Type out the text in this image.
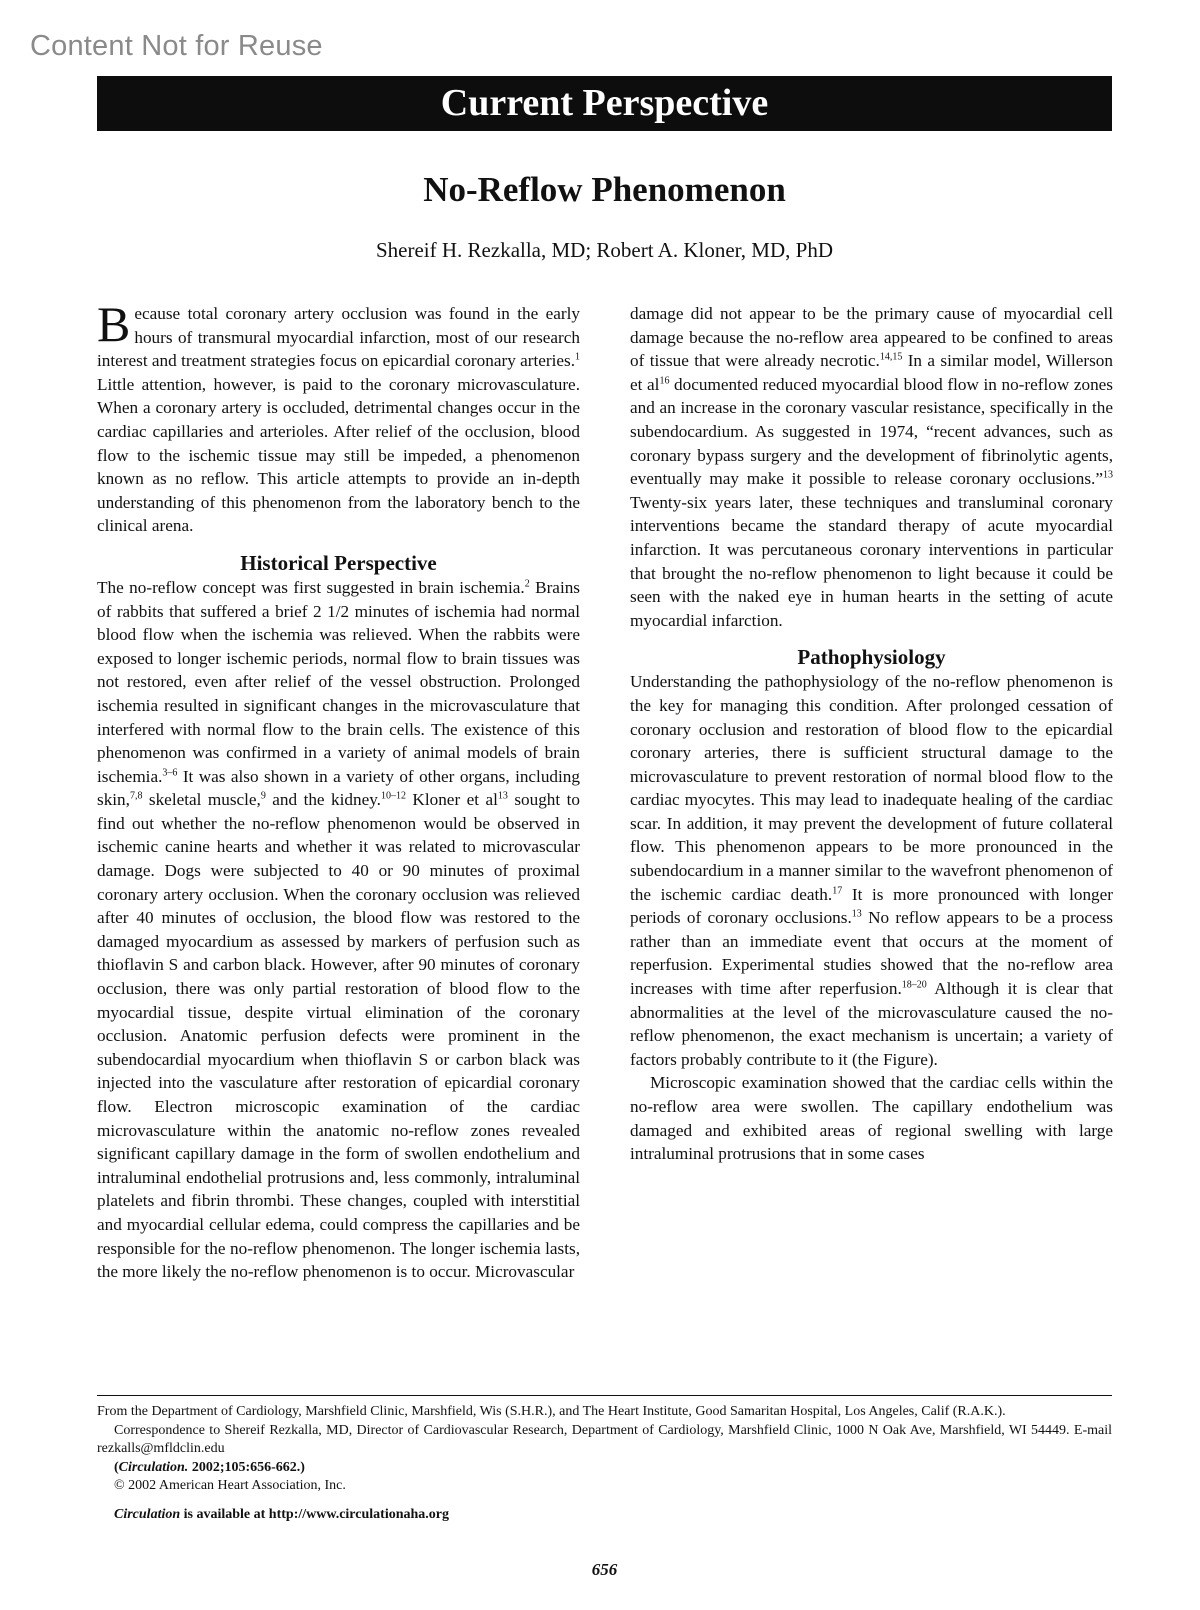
Content Not for Reuse
Current Perspective
No-Reflow Phenomenon
Shereif H. Rezkalla, MD; Robert A. Kloner, MD, PhD

Because total coronary artery occlusion was found in the early hours of transmural myocardial infarction, most of our research interest and treatment strategies focus on epicardial coronary arteries.$^1$ Little attention, however, is paid to the coronary microvasculature. When a coronary artery is occluded, detrimental changes occur in the cardiac capillaries and arterioles. After relief of the occlusion, blood flow to the ischemic tissue may still be impeded, a phenomenon known as no reflow. This article attempts to provide an in-depth understanding of this phenomenon from the laboratory bench to the clinical arena.

Historical Perspective

The no-reflow concept was first suggested in brain ischemia.$^2$ Brains of rabbits that suffered a brief 2 1/2 minutes of ischemia had normal blood flow when the ischemia was relieved. When the rabbits were exposed to longer ischemic periods, normal flow to brain tissues was not restored, even after relief of the vessel obstruction. Prolonged ischemia resulted in significant changes in the microvasculature that interfered with normal flow to the brain cells. The existence of this phenomenon was confirmed in a variety of animal models of brain ischemia.$^{3-6}$ It was also shown in a variety of other organs, including skin,$^{7,8}$ skeletal muscle,$^9$ and the kidney.$^{10-12}$ Kloner et $al^{13}$ sought to find out whether the no-reflow phenomenon would be observed in ischemic canine hearts and whether it was related to microvascular damage. Dogs were subjected to 40 or 90 minutes of proximal coronary artery occlusion. When the coronary occlusion was relieved after 40 minutes of occlusion, the blood flow was restored to the damaged myocardium as assessed by markers of perfusion such as thioflavin S and carbon black. However, after 90 minutes of coronary occlusion, there was only partial restoration of blood flow to the myocardial tissue, despite virtual elimination of the coronary occlusion. Anatomic perfusion defects were prominent in the subendocardial myocardium when thioflavin S or carbon black was injected into the vasculature after restoration of epicardial coronary flow. Electron microscopic examination of the cardiac microvasculature within the anatomic no-reflow zones revealed significant capillary damage in the form of swollen endothelium and intraluminal endothelial protrusions and, less commonly, intraluminal platelets and fibrin thrombi. These changes, coupled with interstitial and myocardial cellular edema, could compress the capillaries and be responsible for the no-reflow phenomenon. The longer ischemia lasts, the more likely the no-reflow phenomenon is to occur. Microvascular

damage did not appear to be the primary cause of myocardial cell damage because the no-reflow area appeared to be confined to areas of tissue that were already necrotic.$^{14,15}$ In a similar model, Willerson et $al^{16}$ documented reduced myocardial blood flow in no-reflow zones and an increase in the coronary vascular resistance, specifically in the subendocardium. As suggested in 1974, “recent advances, such as coronary bypass surgery and the development of fibrinolytic agents, eventually may make it possible to release coronary occlusions.”$^{13}$ Twenty-six years later, these techniques and transluminal coronary interventions became the standard therapy of acute myocardial infarction. It was percutaneous coronary interventions in particular that brought the no-reflow phenomenon to light because it could be seen with the naked eye in human hearts in the setting of acute myocardial infarction.

Pathophysiology

Understanding the pathophysiology of the no-reflow phenomenon is the key for managing this condition. After prolonged cessation of coronary occlusion and restoration of blood flow to the epicardial coronary arteries, there is sufficient structural damage to the microvasculature to prevent restoration of normal blood flow to the cardiac myocytes. This may lead to inadequate healing of the cardiac scar. In addition, it may prevent the development of future collateral flow. This phenomenon appears to be more pronounced in the subendocardium in a manner similar to the wavefront phenomenon of the ischemic cardiac death.$^{17}$ It is more pronounced with longer periods of coronary occlusions.$^{13}$ No reflow appears to be a process rather than an immediate event that occurs at the moment of reperfusion. Experimental studies showed that the no-reflow area increases with time after reperfusion.$^{18-20}$ Although it is clear that abnormalities at the level of the microvasculature caused the no-reflow phenomenon, the exact mechanism is uncertain; a variety of factors probably contribute to it (the Figure).

Microscopic examination showed that the cardiac cells within the no-reflow area were swollen. The capillary endothelium was damaged and exhibited areas of regional swelling with large intraluminal protrusions that in some cases

From the Department of Cardiology, Marshfield Clinic, Marshfield, Wis (S.H.R.), and The Heart Institute, Good Samaritan Hospital, Los Angeles, Calif (R.A.K.).

Correspondence to Shereif Rezkalla, MD, Director of Cardiovascular Research, Department of Cardiology, Marshfield Clinic, 1000 N Oak Ave, Marshfield, WI 54449. E-mail rezkalls@mfldclin.edu

(Circulation. 2002;105:656-662.)

© 2002 American Heart Association, Inc.

Circulation is available at http://www.circulationaha.org

656
